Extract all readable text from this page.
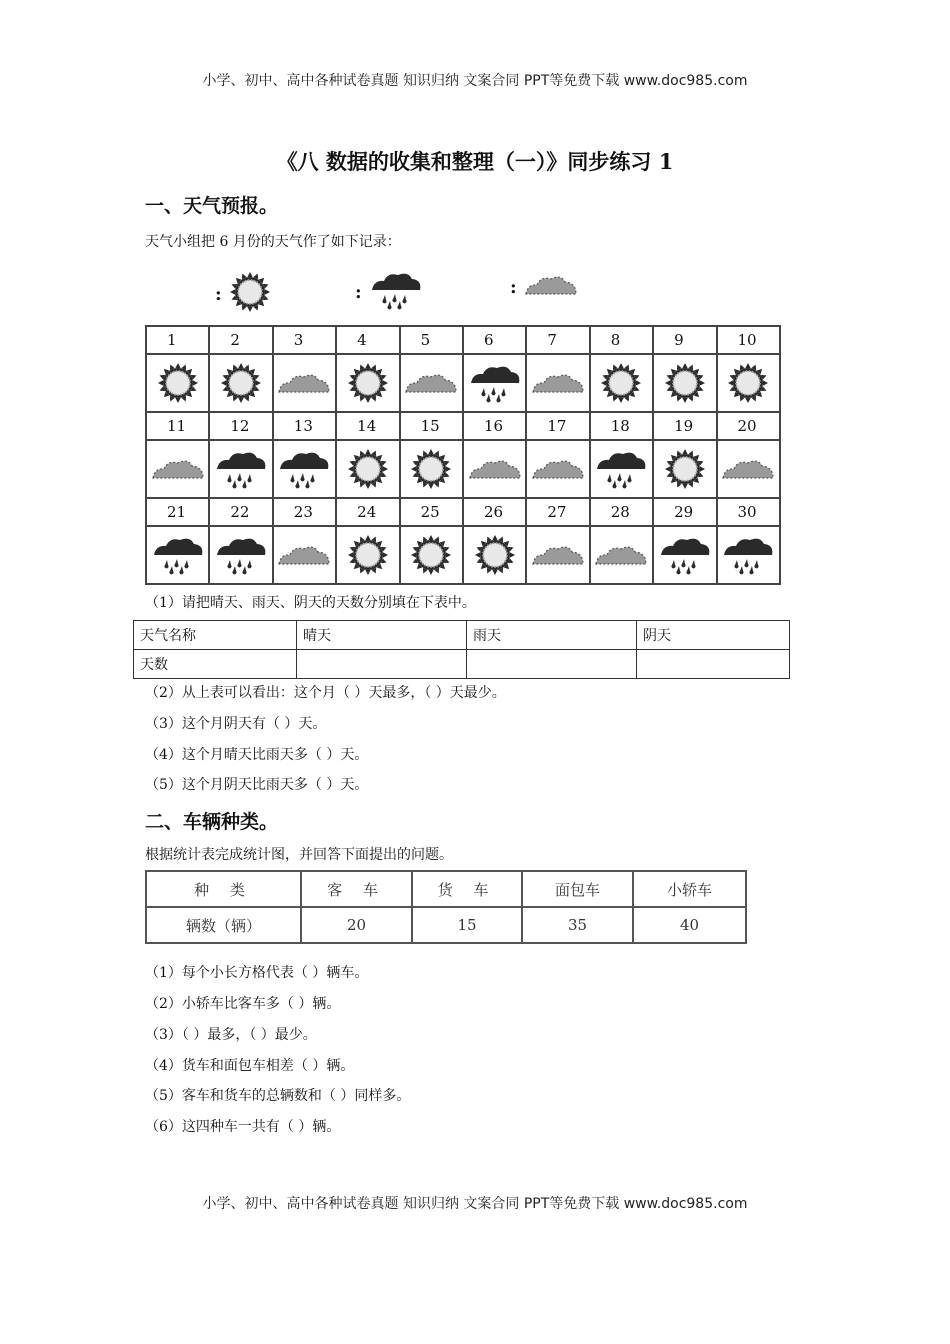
小学、初中、高中各种试卷真题 知识归纳 文案合同 PPT等免费下载 www.doc985.com
《八 数据的收集和整理（一）》同步练习 1
一、天气预报。
天气小组把 6 月份的天气作了如下记录：
:	:	:
1	2	3	4	5	6	7	8	9	10

11	12	13	14	15	16	17	18	19	20

21	22	23	24	25	26	27	28	29	30

（1）请把晴天、雨天、阴天的天数分别填在下表中。
天气名称	晴天	雨天	阴天
天数			
（2）从上表可以看出：这个月（ ）天最多，（ ）天最少。
（3）这个月阴天有（ ）天。
（4）这个月晴天比雨天多（ ）天。
（5）这个月阴天比雨天多（ ）天。
二、车辆种类。
根据统计表完成统计图，并回答下面提出的问题。
种 类	客 车	货 车	面包车	小轿车
辆数（辆）	20	15	35	40
（1）每个小长方格代表（ ）辆车。
（2）小轿车比客车多（ ）辆。
（3）（ ）最多，（ ）最少。
（4）货车和面包车相差（ ）辆。
（5）客车和货车的总辆数和（ ）同样多。
（6）这四种车一共有（ ）辆。
小学、初中、高中各种试卷真题 知识归纳 文案合同 PPT等免费下载 www.doc985.com
